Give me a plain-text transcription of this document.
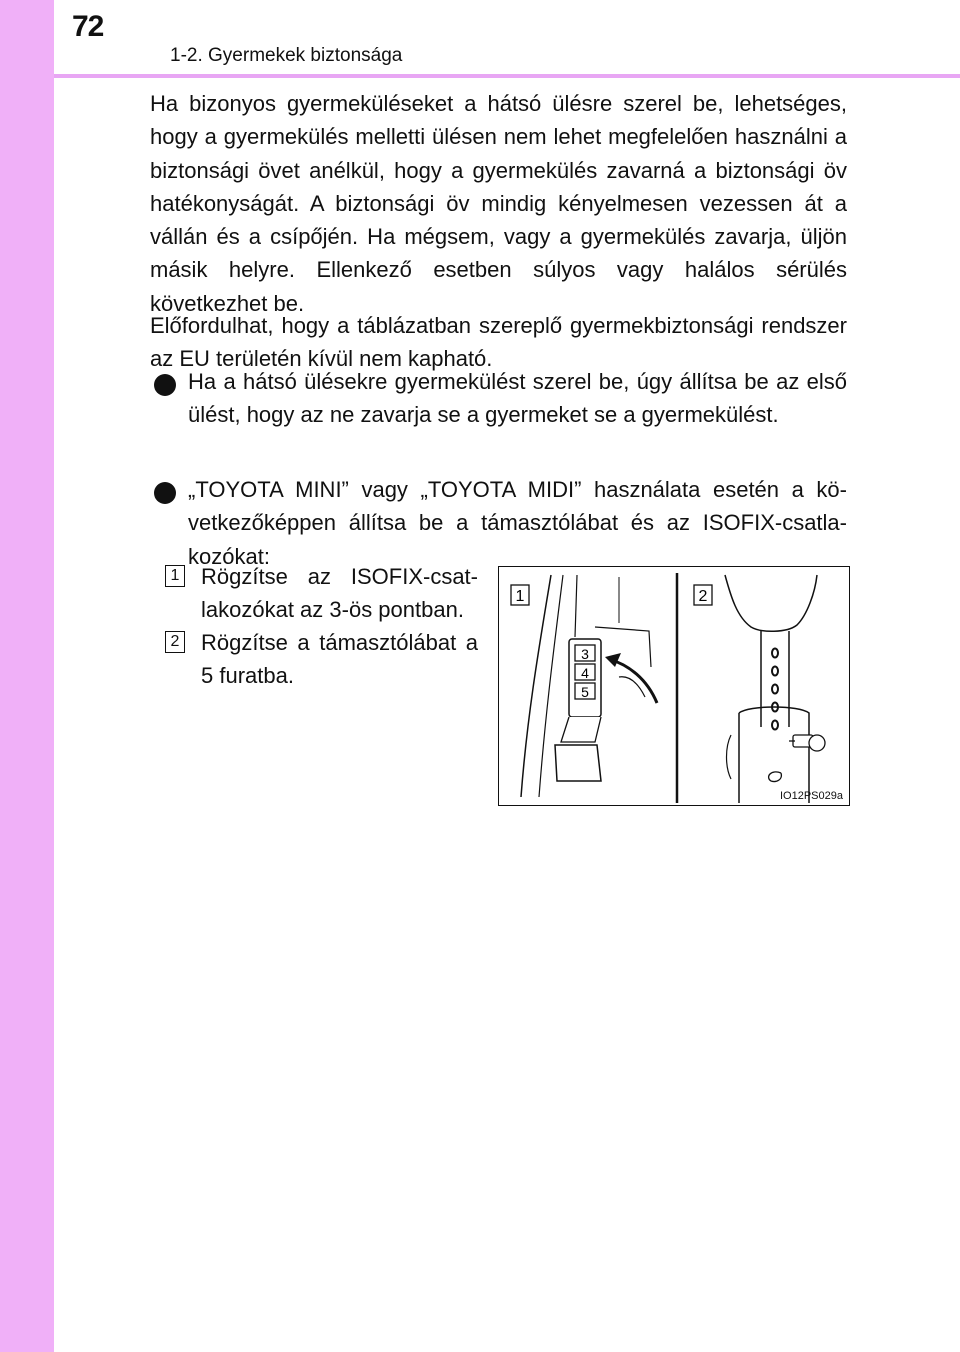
72
1-2. Gyermekek biztonsága

Ha bizonyos gyermeküléseket a hátsó ülésre szerel be, lehetséges, hogy a gyermekülés melletti ülésen nem lehet megfelelően használni a biztonsági övet anélkül, hogy a gyermekülés zavarná a biztonsági öv hatékonyságát. A biztonsági öv mindig kényelmesen vezessen át a vállán és a csípőjén. Ha mégsem, vagy a gyermekülés zavarja, üljön másik helyre. Ellenkező esetben súlyos vagy halálos sérülés következhet be.

Előfordulhat, hogy a táblázatban szereplő gyermekbiztonsági rendszer az EU területén kívül nem kapható.

Ha a hátsó ülésekre gyermekülést szerel be, úgy állítsa be az első ülést, hogy az ne zavarja se a gyermeket se a gyermekülést.

„TOYOTA MINI” vagy „TOYOTA MIDI” használata esetén a következőképpen állítsa be a támasztólábat és az ISOFIX-csatlakozókat:

1 Rögzítse az ISOFIX-csatlakozókat az 3-ös pontban.

2 Rögzítse a támasztólábat a 5 furatba.

1	2
3
4
5
IO12PS029a
